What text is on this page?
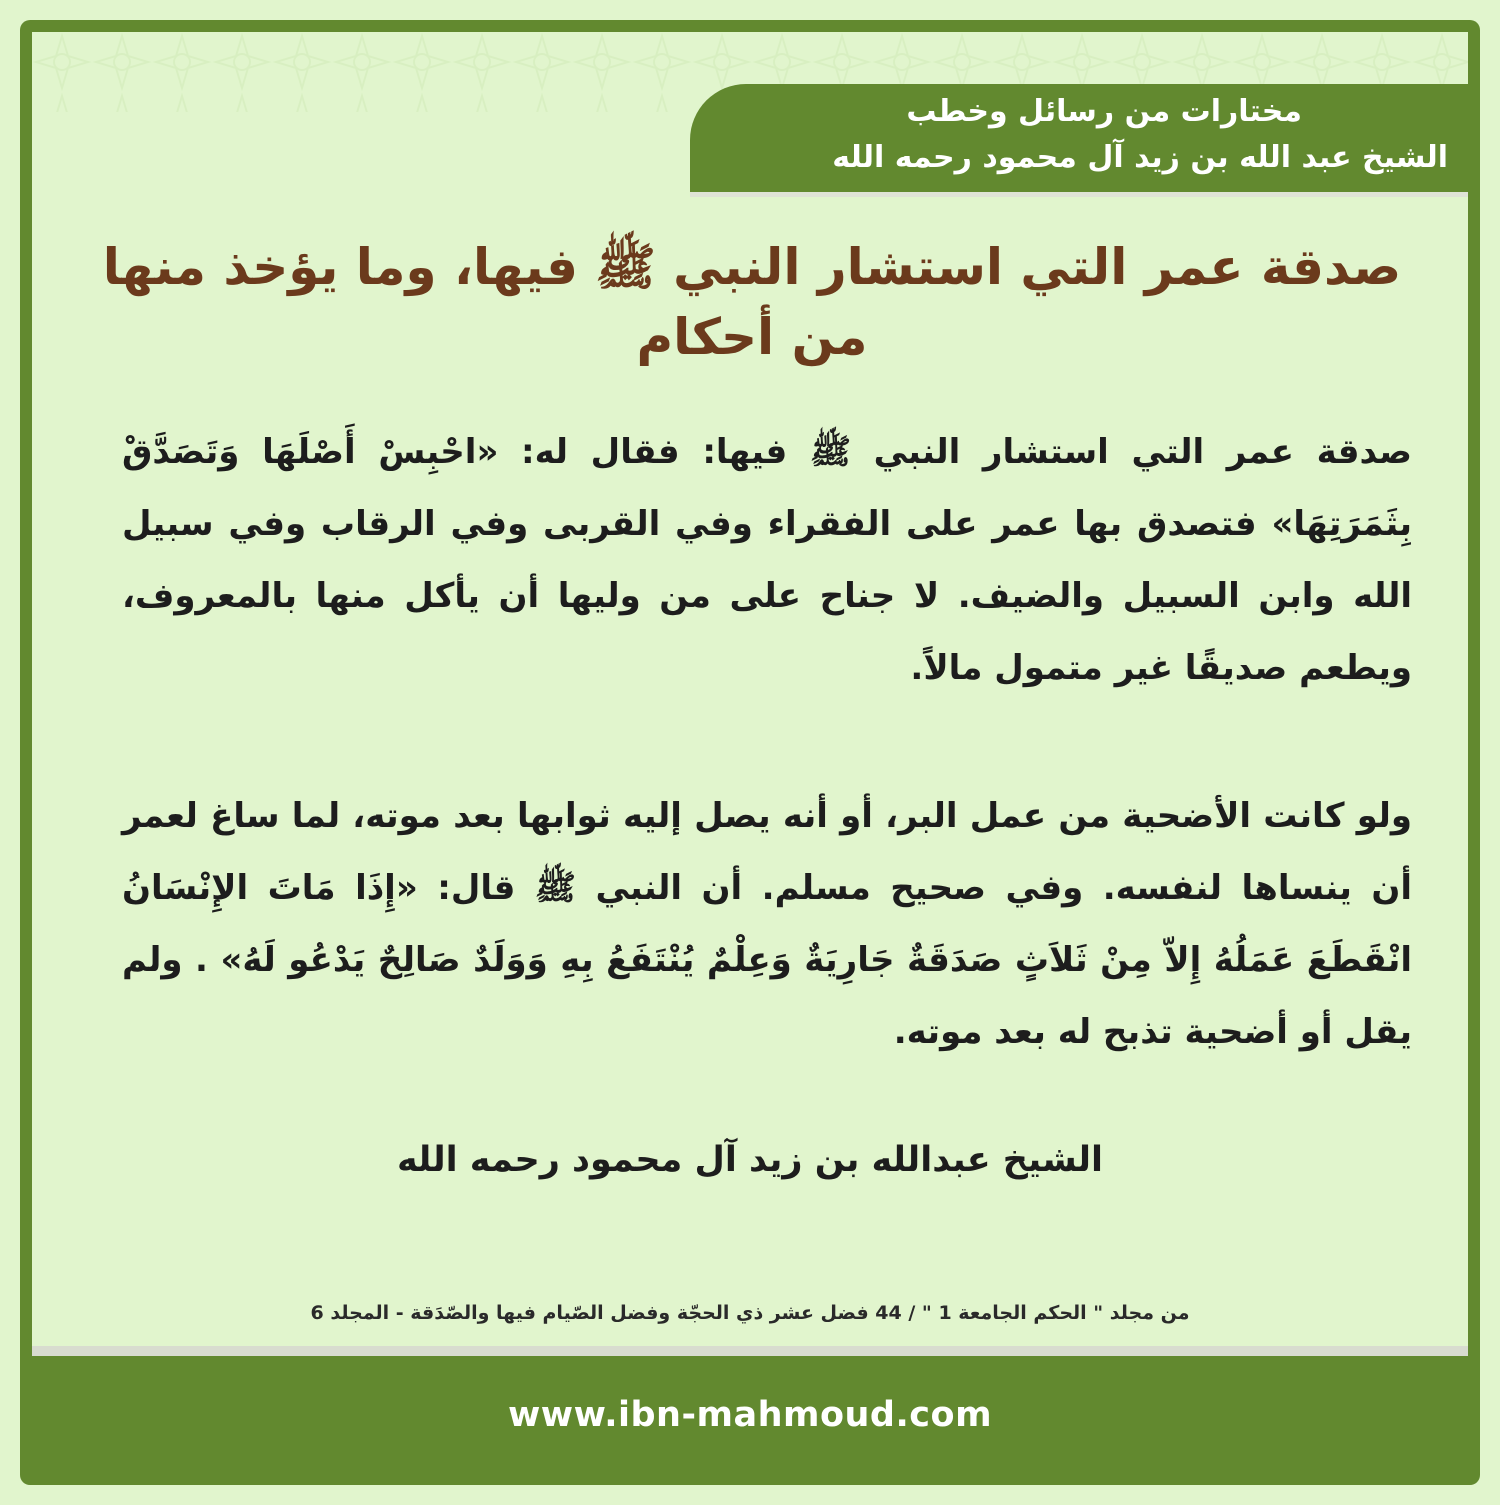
مختارات من رسائل وخطب

الشيخ عبد الله بن زيد آل محمود رحمه الله

صدقة عمر التي استشار النبي ﷺ فيها، وما يؤخذ منها من أحكام

صدقة عمر التي استشار النبي ﷺ فيها: فقال له: «احْبِسْ أَصْلَهَا وَتَصَدَّقْ بِثَمَرَتِهَا» فتصدق بها عمر على الفقراء وفي القربى وفي الرقاب وفي سبيل الله وابن السبيل والضيف. لا جناح على من وليها أن يأكل منها بالمعروف، ويطعم صديقًا غير متمول مالاً.

ولو كانت الأضحية من عمل البر، أو أنه يصل إليه ثوابها بعد موته، لما ساغ لعمر أن ينساها لنفسه. وفي صحيح مسلم. أن النبي ﷺ قال: «إِذَا مَاتَ الإِنْسَانُ انْقَطَعَ عَمَلُهُ إِلاّ مِنْ ثَلاَثٍ صَدَقَةٌ جَارِيَةٌ وَعِلْمٌ يُنْتَفَعُ بِهِ وَوَلَدٌ صَالِحٌ يَدْعُو لَهُ» . ولم يقل أو أضحية تذبح له بعد موته.

الشيخ عبدالله بن زيد آل محمود رحمه الله

من مجلد " الحكم الجامعة 1 " / 44 فضل عشر ذي الحجّة وفضل الصّيام فيها والصّدَقة - المجلد 6

www.ibn-mahmoud.com
